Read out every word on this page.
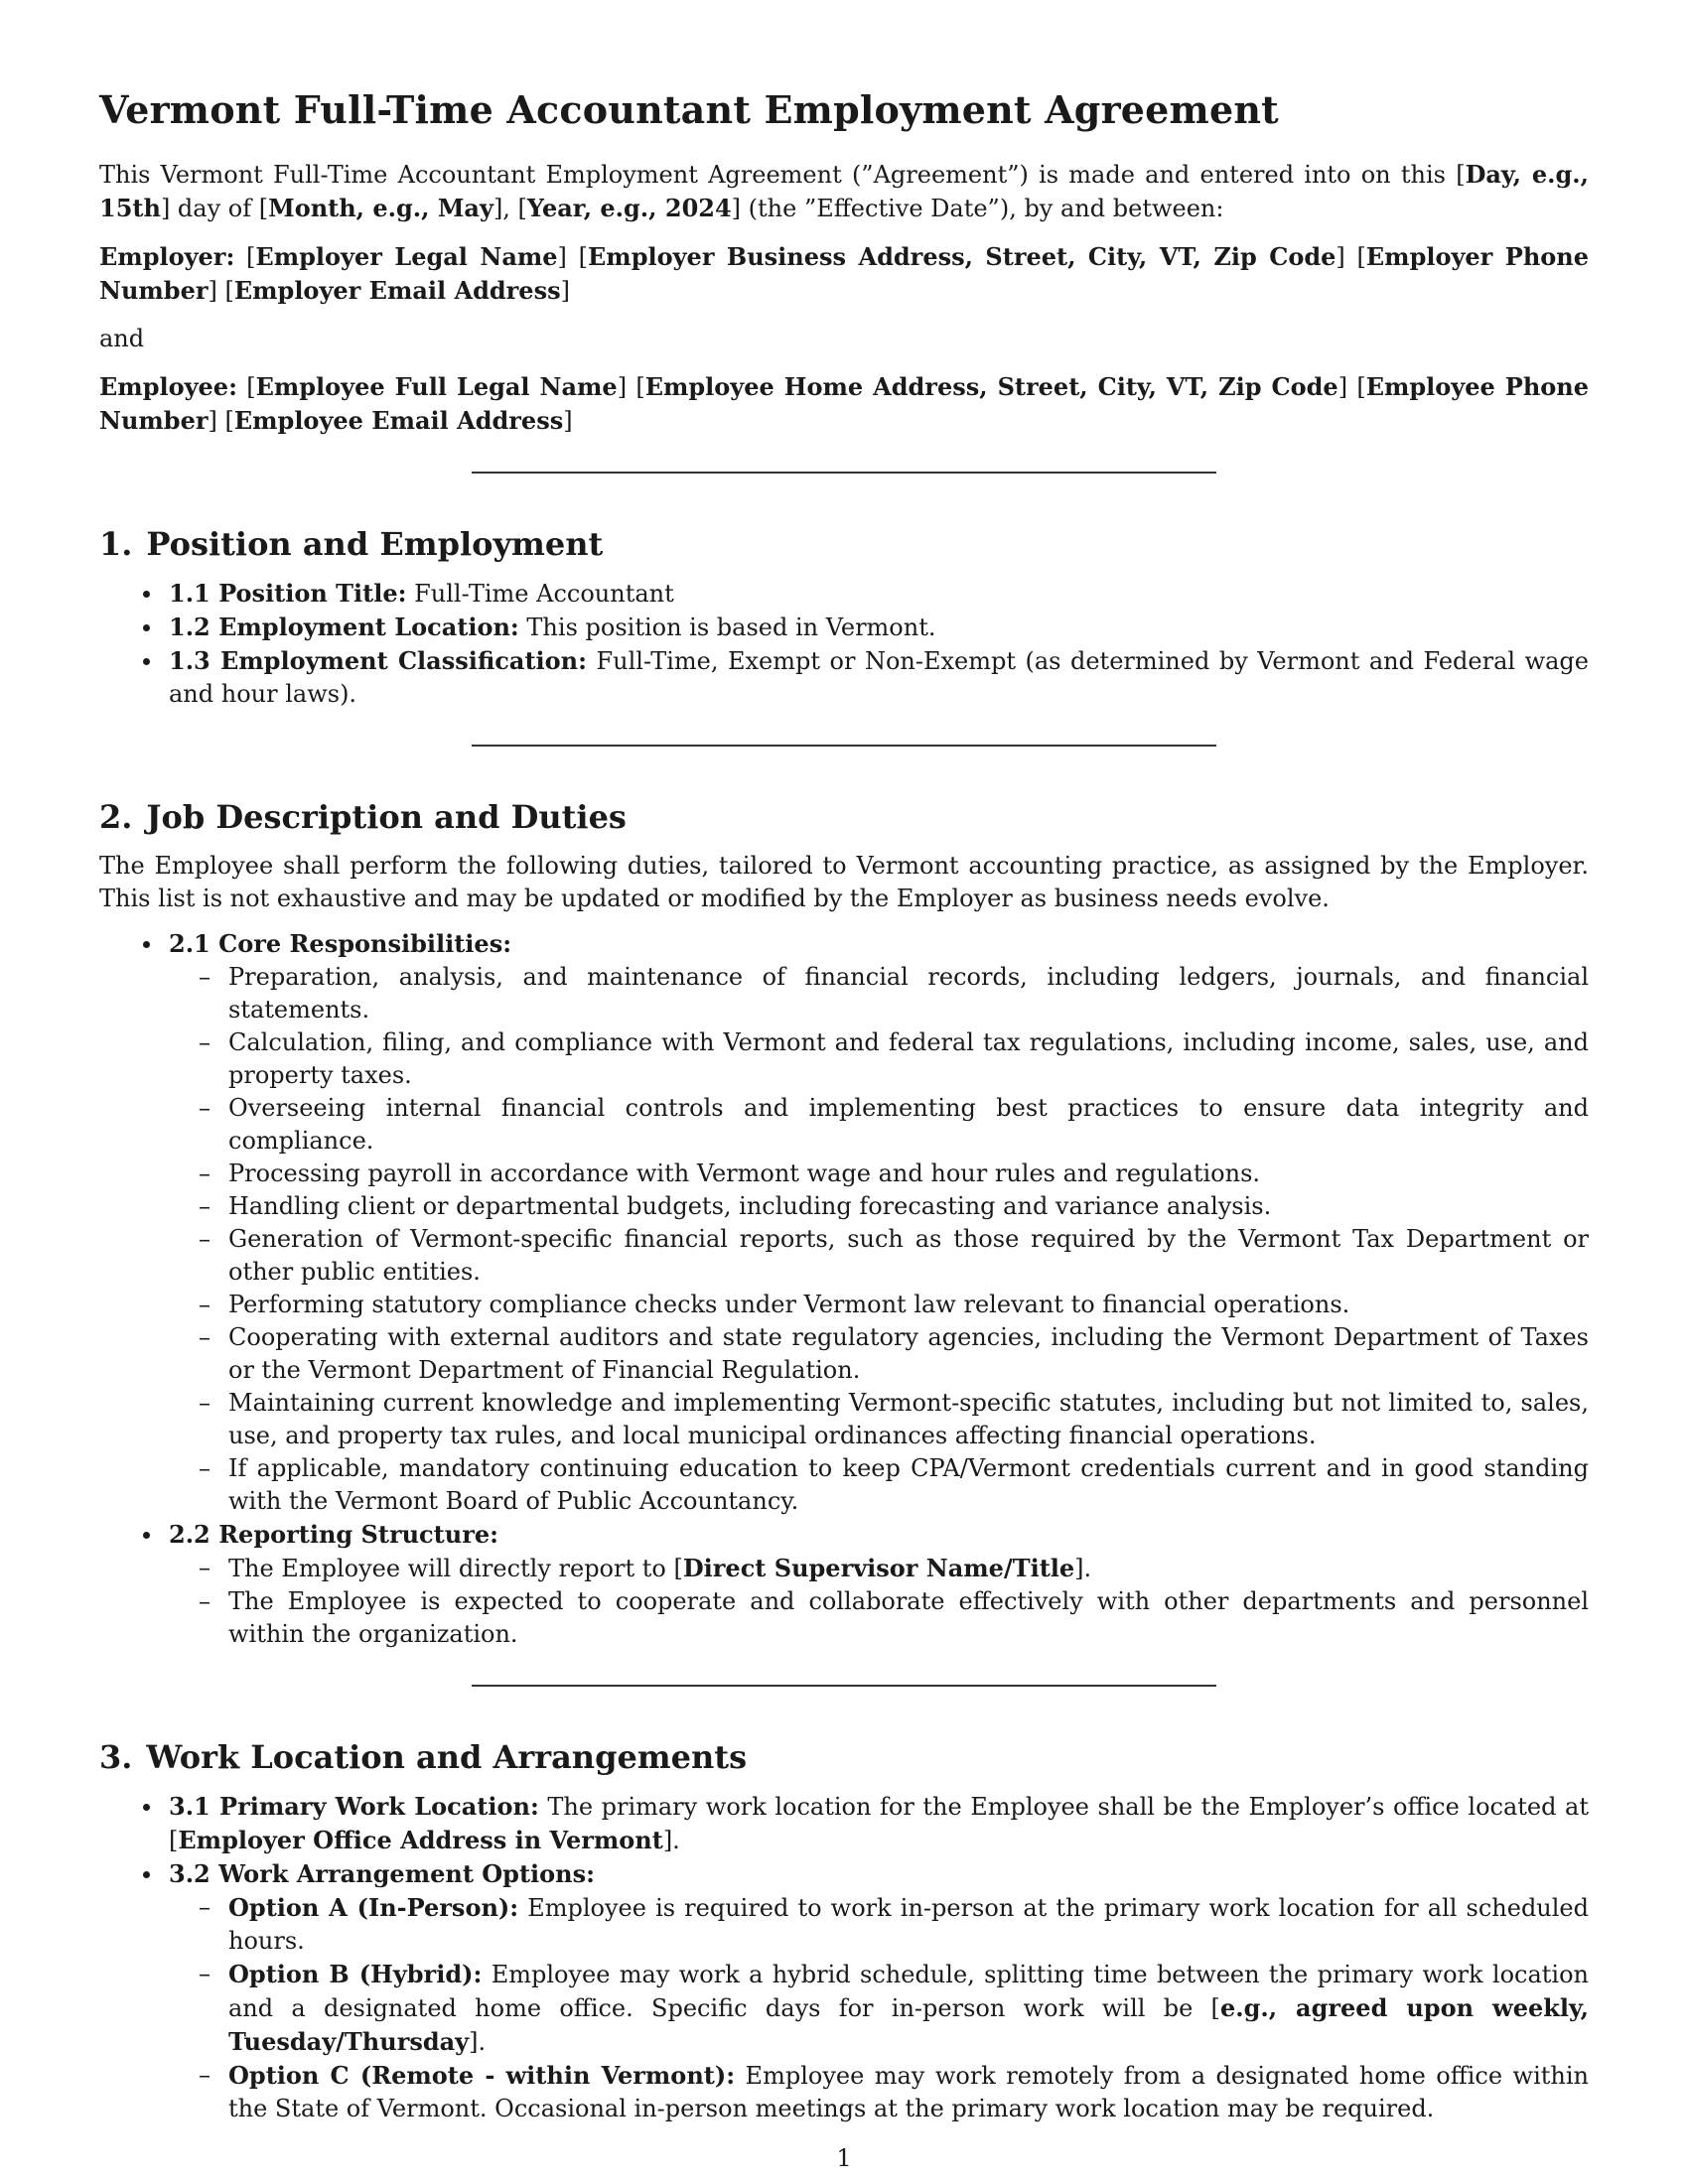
Vermont Full-Time Accountant Employment Agreement

This Vermont Full-Time Accountant Employment Agreement (”Agreement”) is made and entered into on this [Day, e.g., 15th] day of [Month, e.g., May], [Year, e.g., 2024] (the ”Effective Date”), by and between:

Employer: [Employer Legal Name] [Employer Business Address, Street, City, VT, Zip Code] [Employer Phone Number] [Employer Email Address]

and

Employee: [Employee Full Legal Name] [Employee Home Address, Street, City, VT, Zip Code] [Employee Phone Number] [Employee Email Address]

1. Position and Employment
1.1 Position Title: Full-Time Accountant
1.2 Employment Location: This position is based in Vermont.
1.3 Employment Classification: Full-Time, Exempt or Non-Exempt (as determined by Vermont and Federal wage and hour laws).
2. Job Description and Duties

The Employee shall perform the following duties, tailored to Vermont accounting practice, as assigned by the Employer. This list is not exhaustive and may be updated or modified by the Employer as business needs evolve.

2.1 Core Responsibilities:
– Preparation, analysis, and maintenance of financial records, including ledgers, journals, and financial statements.
– Calculation, filing, and compliance with Vermont and federal tax regulations, including income, sales, use, and property taxes.
– Overseeing internal financial controls and implementing best practices to ensure data integrity and compliance.
– Processing payroll in accordance with Vermont wage and hour rules and regulations.
– Handling client or departmental budgets, including forecasting and variance analysis.
– Generation of Vermont-specific financial reports, such as those required by the Vermont Tax Department or other public entities.
– Performing statutory compliance checks under Vermont law relevant to financial operations.
– Cooperating with external auditors and state regulatory agencies, including the Vermont Department of Taxes or the Vermont Department of Financial Regulation.
– Maintaining current knowledge and implementing Vermont-specific statutes, including but not limited to, sales, use, and property tax rules, and local municipal ordinances affecting financial operations.
– If applicable, mandatory continuing education to keep CPA/Vermont credentials current and in good standing with the Vermont Board of Public Accountancy.
2.2 Reporting Structure:
– The Employee will directly report to [Direct Supervisor Name/Title].
– The Employee is expected to cooperate and collaborate effectively with other departments and personnel within the organization.
3. Work Location and Arrangements
3.1 Primary Work Location: The primary work location for the Employee shall be the Employer’s office located at [Employer Office Address in Vermont].
3.2 Work Arrangement Options:
– Option A (In-Person): Employee is required to work in-person at the primary work location for all scheduled hours.
– Option B (Hybrid): Employee may work a hybrid schedule, splitting time between the primary work location and a designated home office. Specific days for in-person work will be [e.g., agreed upon weekly, Tuesday/Thursday].
– Option C (Remote - within Vermont): Employee may work remotely from a designated home office within the State of Vermont. Occasional in-person meetings at the primary work location may be required.
1
